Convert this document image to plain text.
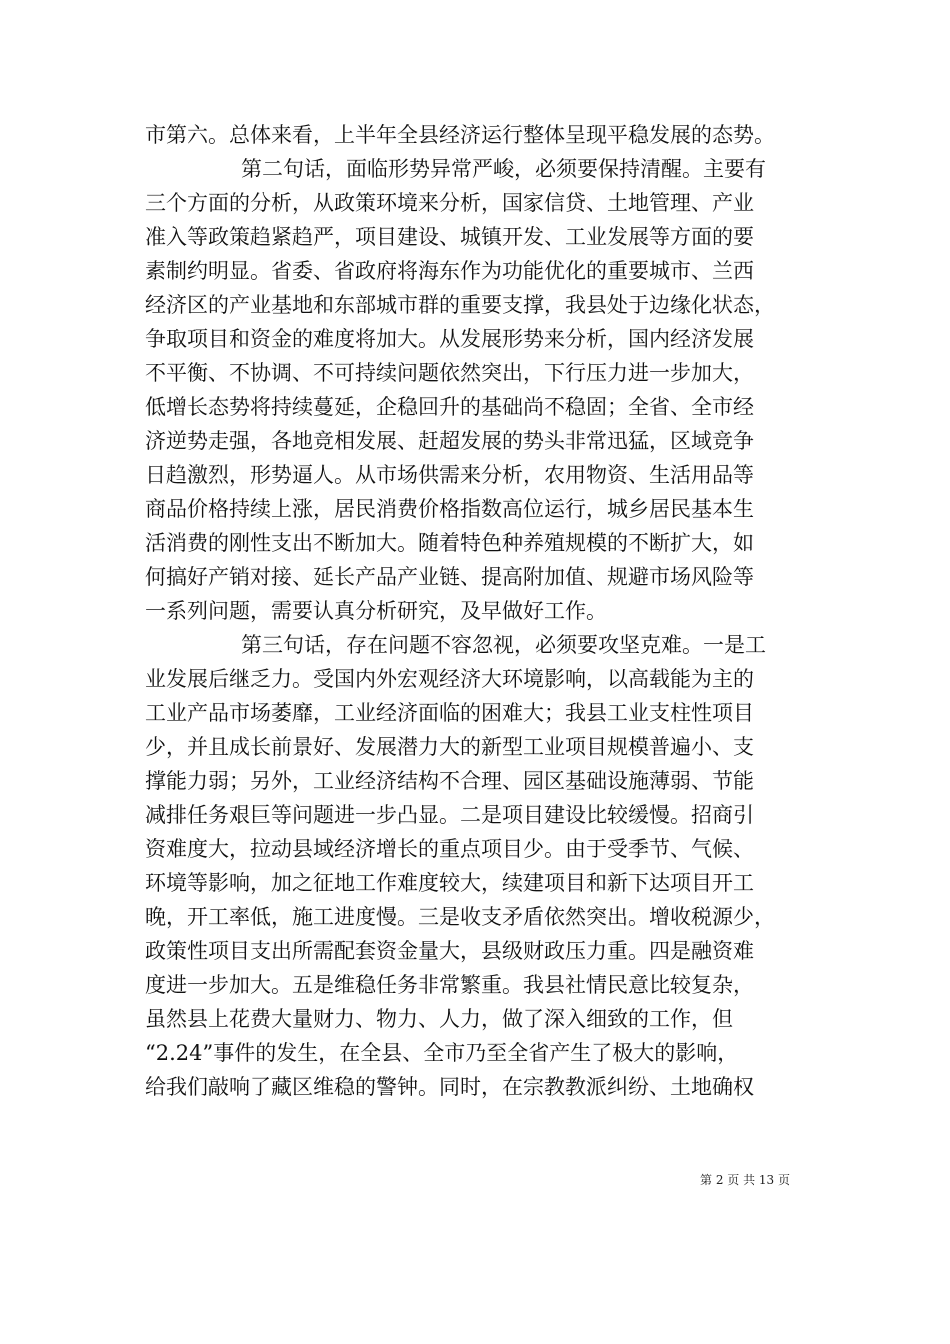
市第六。总体来看，上半年全县经济运行整体呈现平稳发展的态势。
第二句话，面临形势异常严峻，必须要保持清醒。主要有
三个方面的分析，从政策环境来分析，国家信贷、土地管理、产业
准入等政策趋紧趋严，项目建设、城镇开发、工业发展等方面的要
素制约明显。省委、省政府将海东作为功能优化的重要城市、兰西
经济区的产业基地和东部城市群的重要支撑，我县处于边缘化状态，
争取项目和资金的难度将加大。从发展形势来分析，国内经济发展
不平衡、不协调、不可持续问题依然突出，下行压力进一步加大，
低增长态势将持续蔓延，企稳回升的基础尚不稳固；全省、全市经
济逆势走强，各地竞相发展、赶超发展的势头非常迅猛，区域竞争
日趋激烈，形势逼人。从市场供需来分析，农用物资、生活用品等
商品价格持续上涨，居民消费价格指数高位运行，城乡居民基本生
活消费的刚性支出不断加大。随着特色种养殖规模的不断扩大，如
何搞好产销对接、延长产品产业链、提高附加值、规避市场风险等
一系列问题，需要认真分析研究，及早做好工作。
第三句话，存在问题不容忽视，必须要攻坚克难。一是工
业发展后继乏力。受国内外宏观经济大环境影响，以高载能为主的
工业产品市场萎靡，工业经济面临的困难大；我县工业支柱性项目
少，并且成长前景好、发展潜力大的新型工业项目规模普遍小、支
撑能力弱；另外，工业经济结构不合理、园区基础设施薄弱、节能
减排任务艰巨等问题进一步凸显。二是项目建设比较缓慢。招商引
资难度大，拉动县域经济增长的重点项目少。由于受季节、气候、
环境等影响，加之征地工作难度较大，续建项目和新下达项目开工
晚，开工率低，施工进度慢。三是收支矛盾依然突出。增收税源少，
政策性项目支出所需配套资金量大，县级财政压力重。四是融资难
度进一步加大。五是维稳任务非常繁重。我县社情民意比较复杂，
虽然县上花费大量财力、物力、人力，做了深入细致的工作，但
“2.24”事件的发生，在全县、全市乃至全省产生了极大的影响，
给我们敲响了藏区维稳的警钟。同时，在宗教教派纠纷、土地确权
第 2 页 共 13 页
